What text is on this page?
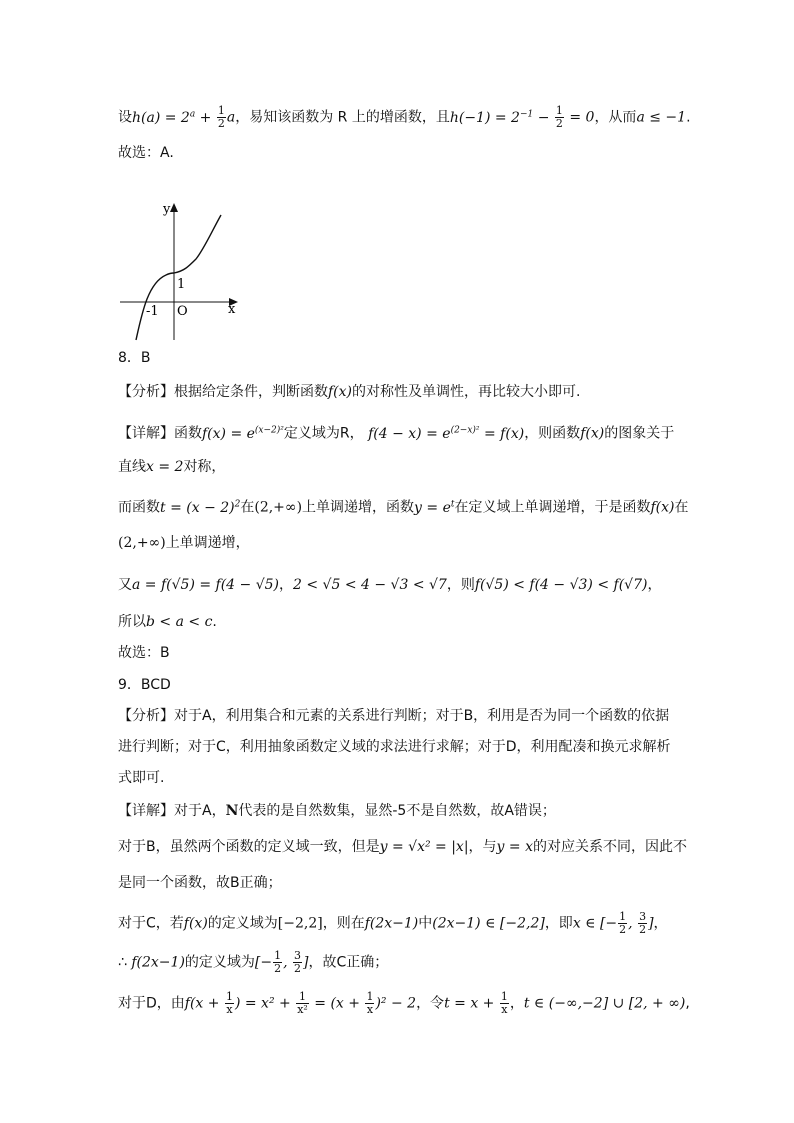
设$h(a) = 2^a + \frac{1}{2}$ a，易知该函数为 R 上的增函数，且$h(-1) = 2^{-1} - \frac{1}{2} = 0$，从而a ≤ −1.
故选：A.
y
x
O
1
-1
8．B
【分析】根据给定条件，判断函数f(x)的对称性及单调性，再比较大小即可.
【详解】函数$f(x) = e^{(x-2)^2}$定义域为R， $f(4 - x) = e^{(2-x)^2} = f(x)$，则函数f(x)的图象关于
直线x = 2对称，
而函数$t = (x - 2)^2$在(2,+∞)上单调递增，函数$y = e^t$在定义域上单调递增，于是函数f(x)在
(2,+∞)上单调递增，
又a = f(√5) = f(4 − √5)，2 < √5 < 4 − √3 < √7，则f(√5) < f(4 − √3) < f(√7)，
所以b < a < c.
故选：B
9．BCD
【分析】对于A，利用集合和元素的关系进行判断；对于B，利用是否为同一个函数的依据
进行判断；对于C，利用抽象函数定义域的求法进行求解；对于D，利用配凑和换元求解析
式即可.
【详解】对于A，N代表的是自然数集，显然-5不是自然数，故A错误；
对于B，虽然两个函数的定义域一致，但是y = √x² = |x|，与y = x的对应关系不同，因此不
是同一个函数，故B正确；
对于C，若f(x)的定义域为[−2,2]，则在f(2x−1)中(2x−1) ∈ [−2,2]，即x ∈ [− $\frac{1}{2}$ , $\frac{3}{2}$ ]，
∴ f(2x−1)的定义域为[− $\frac{1}{2}$ , $\frac{3}{2}$ ]，故C正确；
对于D，由$f(x + \frac{1}{x}$ ) = $x^2 + \frac{1}{\text{x²}} = (x + \frac{1}{x} )^2 - 2$，令$t = x + \frac{1}{x}$ ，t ∈ (−∞,−2] ∪ [2, + ∞),
